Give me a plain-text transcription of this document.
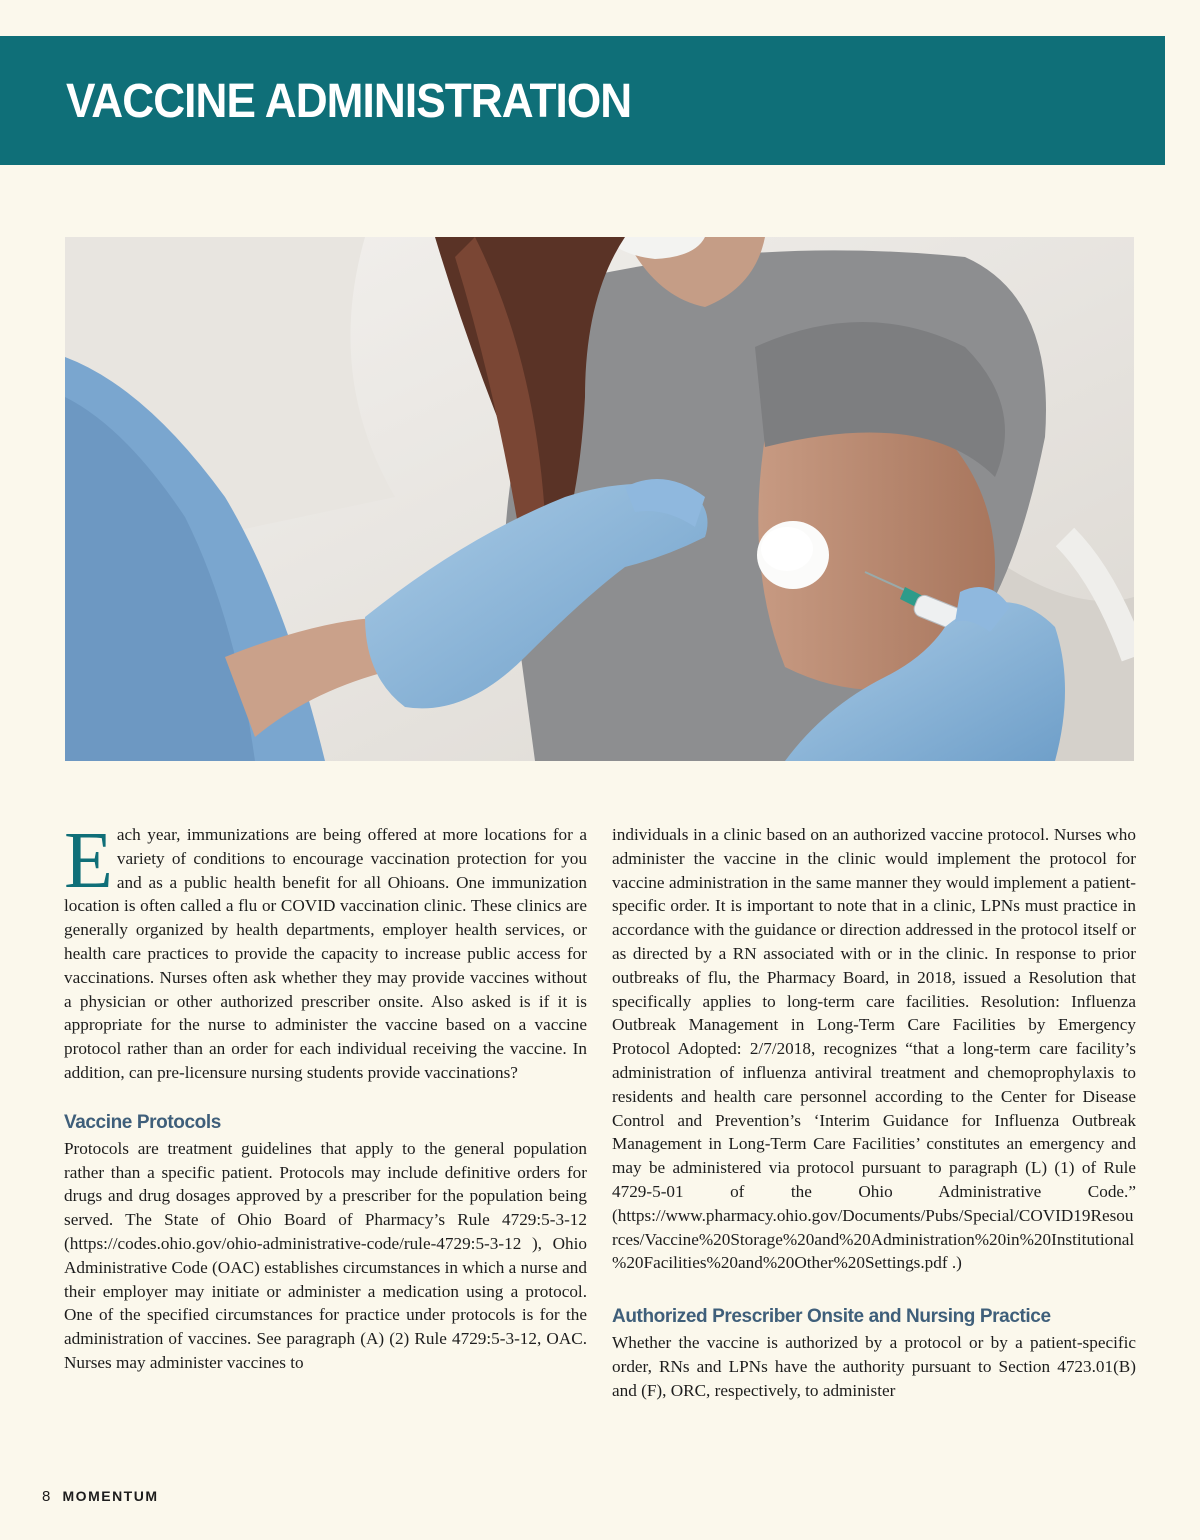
VACCINE ADMINISTRATION

Each year, immunizations are being offered at more locations for a variety of conditions to encourage vaccination protection for you and as a public health benefit for all Ohioans. One immunization location is often called a flu or COVID vaccination clinic. These clinics are generally organized by health departments, employer health services, or health care practices to provide the capacity to increase public access for vaccinations. Nurses often ask whether they may provide vaccines without a physician or other authorized prescriber onsite. Also asked is if it is appropriate for the nurse to administer the vaccine based on a vaccine protocol rather than an order for each individual receiving the vaccine. In addition, can pre-licensure nursing students provide vaccinations?

Vaccine Protocols

Protocols are treatment guidelines that apply to the general population rather than a specific patient. Protocols may include definitive orders for drugs and drug dosages approved by a prescriber for the population being served. The State of Ohio Board of Pharmacy’s Rule 4729:5-3-12 (https://codes.ohio.gov/ohio-administrative-code/rule-4729:5-3-12 ), Ohio Administrative Code (OAC) establishes circumstances in which a nurse and their employer may initiate or administer a medication using a protocol. One of the specified circumstances for practice under protocols is for the administration of vaccines. See paragraph (A) (2) Rule 4729:5-3-12, OAC. Nurses may administer vaccines to

individuals in a clinic based on an authorized vaccine protocol. Nurses who administer the vaccine in the clinic would implement the protocol for vaccine administration in the same manner they would implement a patient-specific order. It is important to note that in a clinic, LPNs must practice in accordance with the guidance or direction addressed in the protocol itself or as directed by a RN associated with or in the clinic. In response to prior outbreaks of flu, the Pharmacy Board, in 2018, issued a Resolution that specifically applies to long-term care facilities. Resolution: Influenza Outbreak Management in Long-Term Care Facilities by Emergency Protocol Adopted: 2/7/2018, recognizes “that a long-term care facility’s administration of influenza antiviral treatment and chemoprophylaxis to residents and health care personnel according to the Center for Disease Control and Prevention’s ‘Interim Guidance for Influenza Outbreak Management in Long-Term Care Facilities’ constitutes an emergency and may be administered via protocol pursuant to paragraph (L) (1) of Rule 4729-5-01 of the Ohio Administrative Code.” (https://www.pharmacy.ohio.gov/Documents/Pubs/Special/COVID19Resources/Vaccine%20Storage%20and%20Administration%20in%20Institutional%20Facilities%20and%20Other%20Settings.pdf .)

Authorized Prescriber Onsite and Nursing Practice

Whether the vaccine is authorized by a protocol or by a patient-specific order, RNs and LPNs have the authority pursuant to Section 4723.01(B) and (F), ORC, respectively, to administer

8 MOMENTUM
